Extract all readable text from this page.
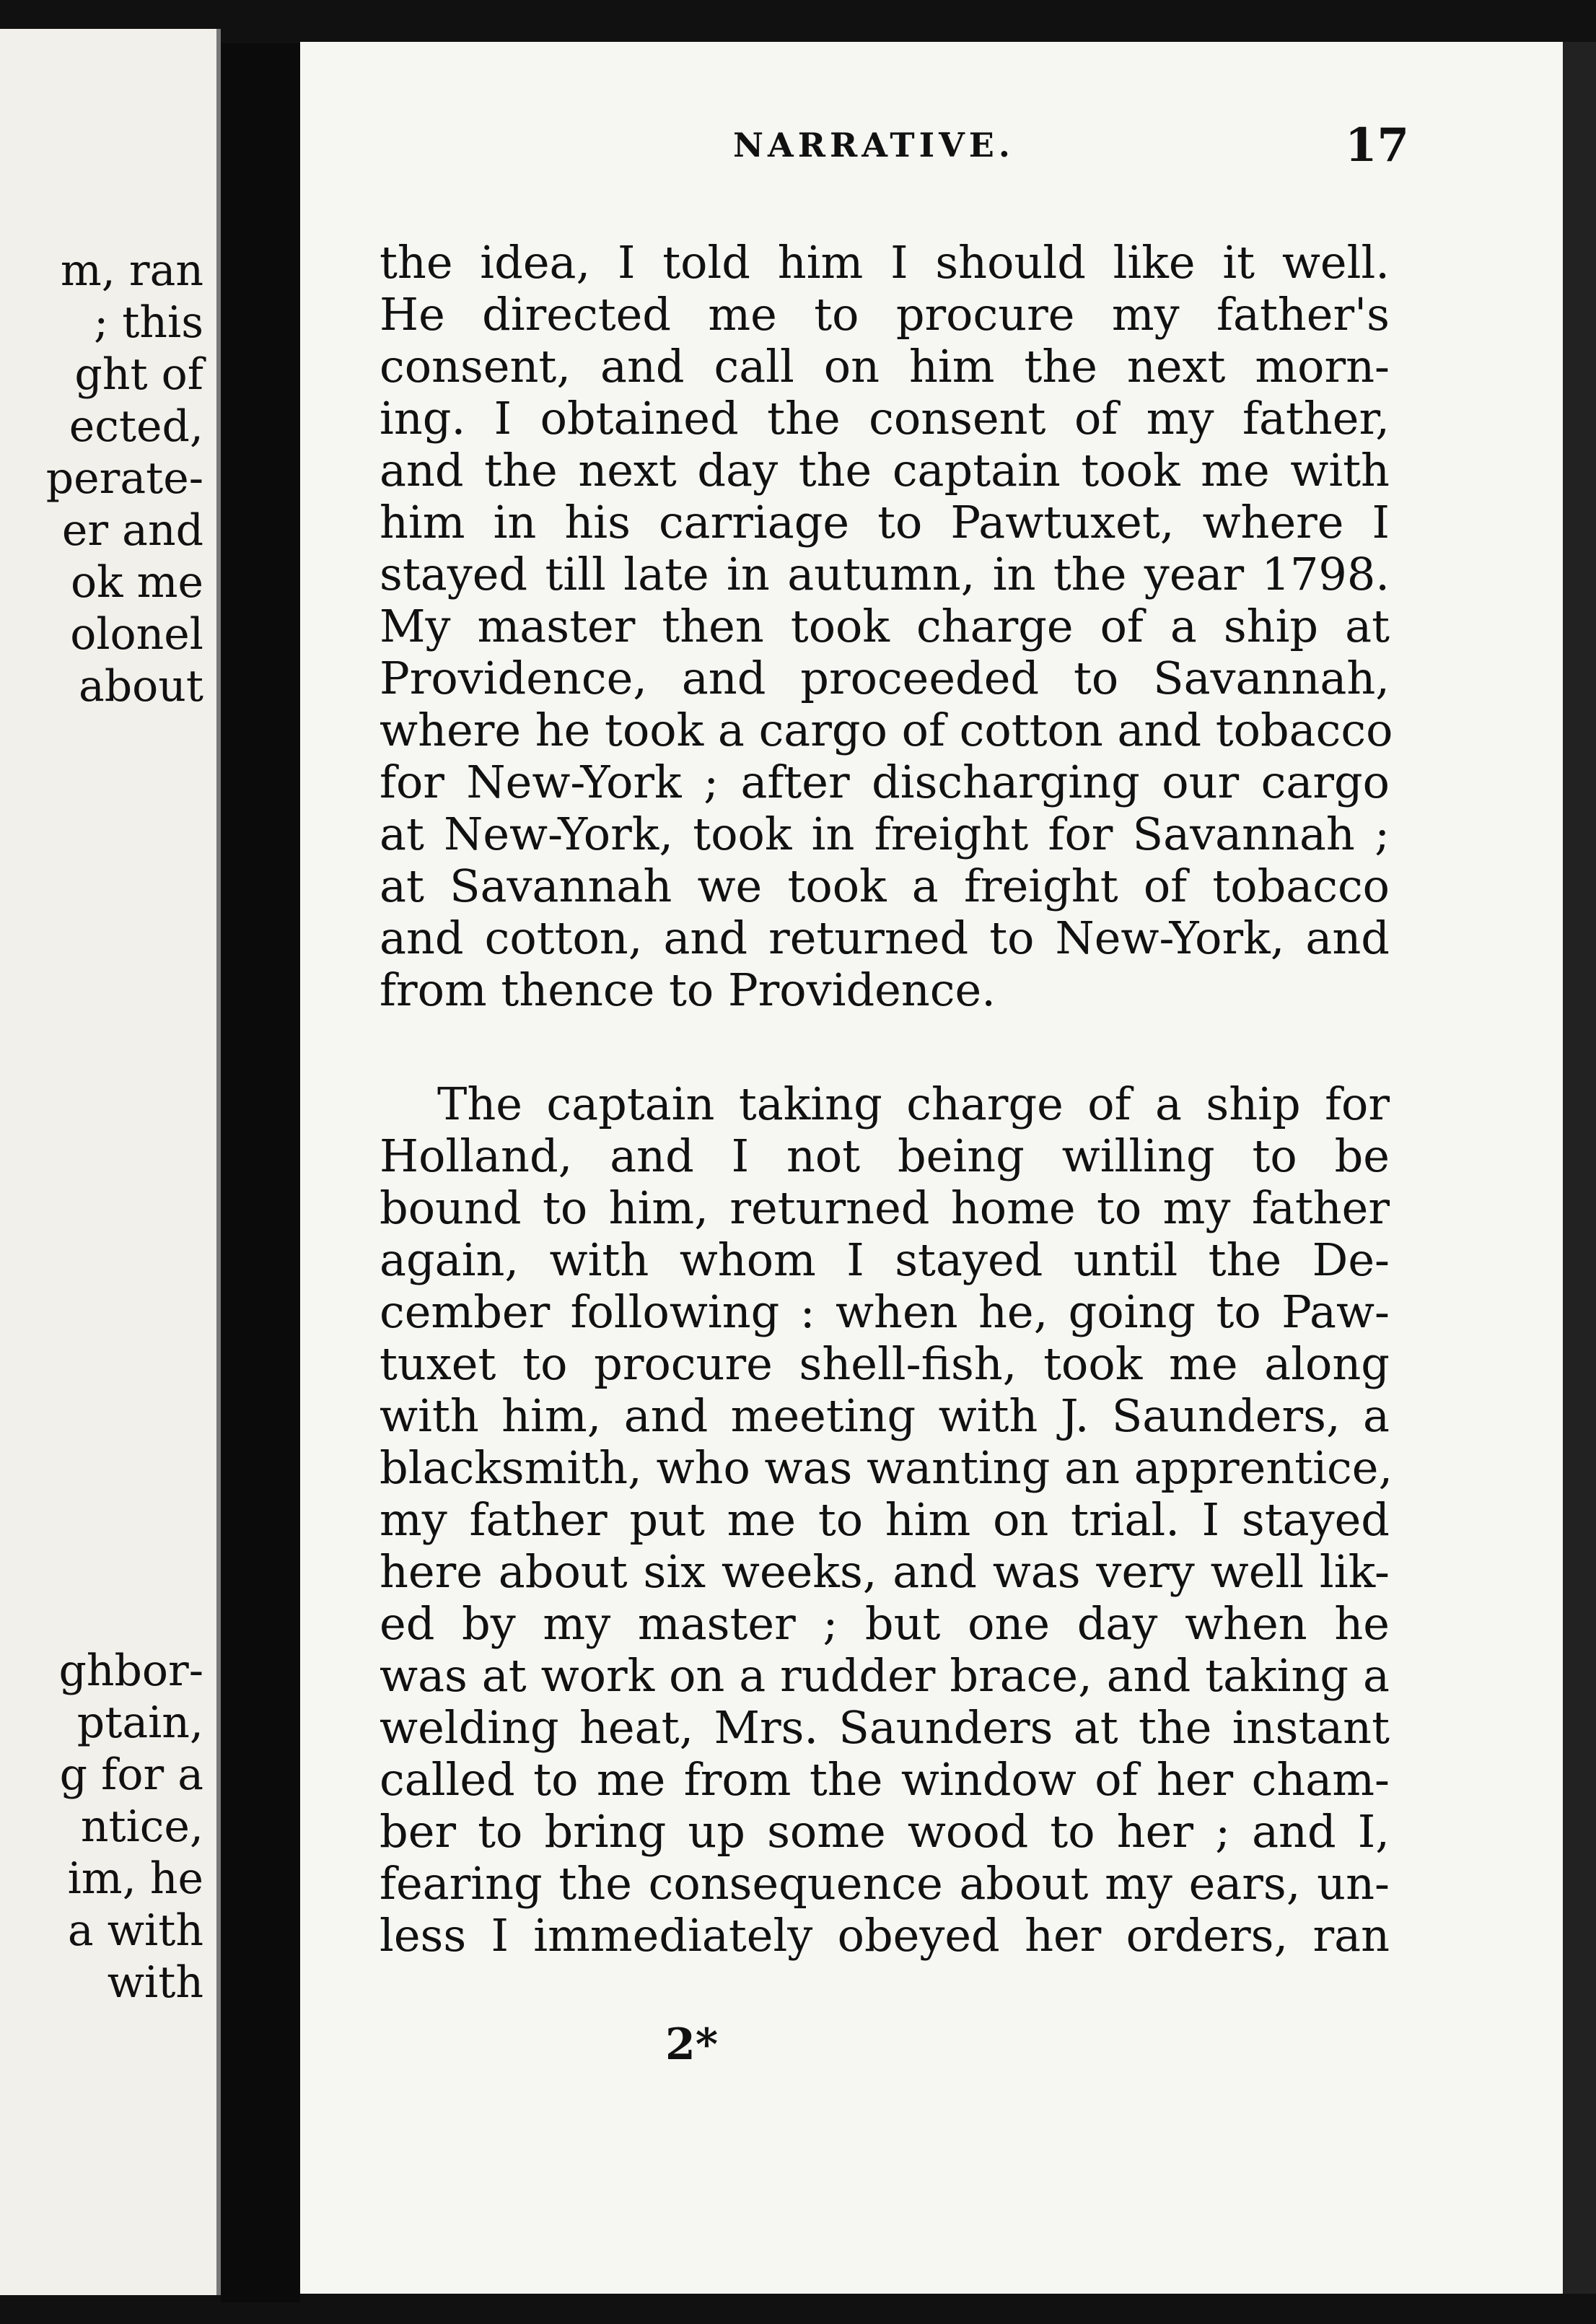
m, ran
; this
ght of
ected,
perate-
er and
ok me
olonel
about
ghbor-
ptain,
g for a
ntice,
im, he
a with
with
NARRATIVE.	17
the idea, I told him I should like it well.
He directed me to procure my father's
consent, and call on him the next morn-
ing. I obtained the consent of my father,
and the next day the captain took me with
him in his carriage to Pawtuxet, where I
stayed till late in autumn, in the year 1798.
My master then took charge of a ship at
Providence, and proceeded to Savannah,
where he took a cargo of cotton and tobacco
for New-York ; after discharging our cargo
at New-York, took in freight for Savannah ;
at Savannah we took a freight of tobacco
and cotton, and returned to New-York, and
from thence to Providence.
The captain taking charge of a ship for
Holland, and I not being willing to be
bound to him, returned home to my father
again, with whom I stayed until the De-
cember following : when he, going to Paw-
tuxet to procure shell-fish, took me along
with him, and meeting with J. Saunders, a
blacksmith, who was wanting an apprentice,
my father put me to him on trial. I stayed
here about six weeks, and was very well lik-
ed by my master ; but one day when he
was at work on a rudder brace, and taking a
welding heat, Mrs. Saunders at the instant
called to me from the window of her cham-
ber to bring up some wood to her ; and I,
fearing the consequence about my ears, un-
less I immediately obeyed her orders, ran
2*
